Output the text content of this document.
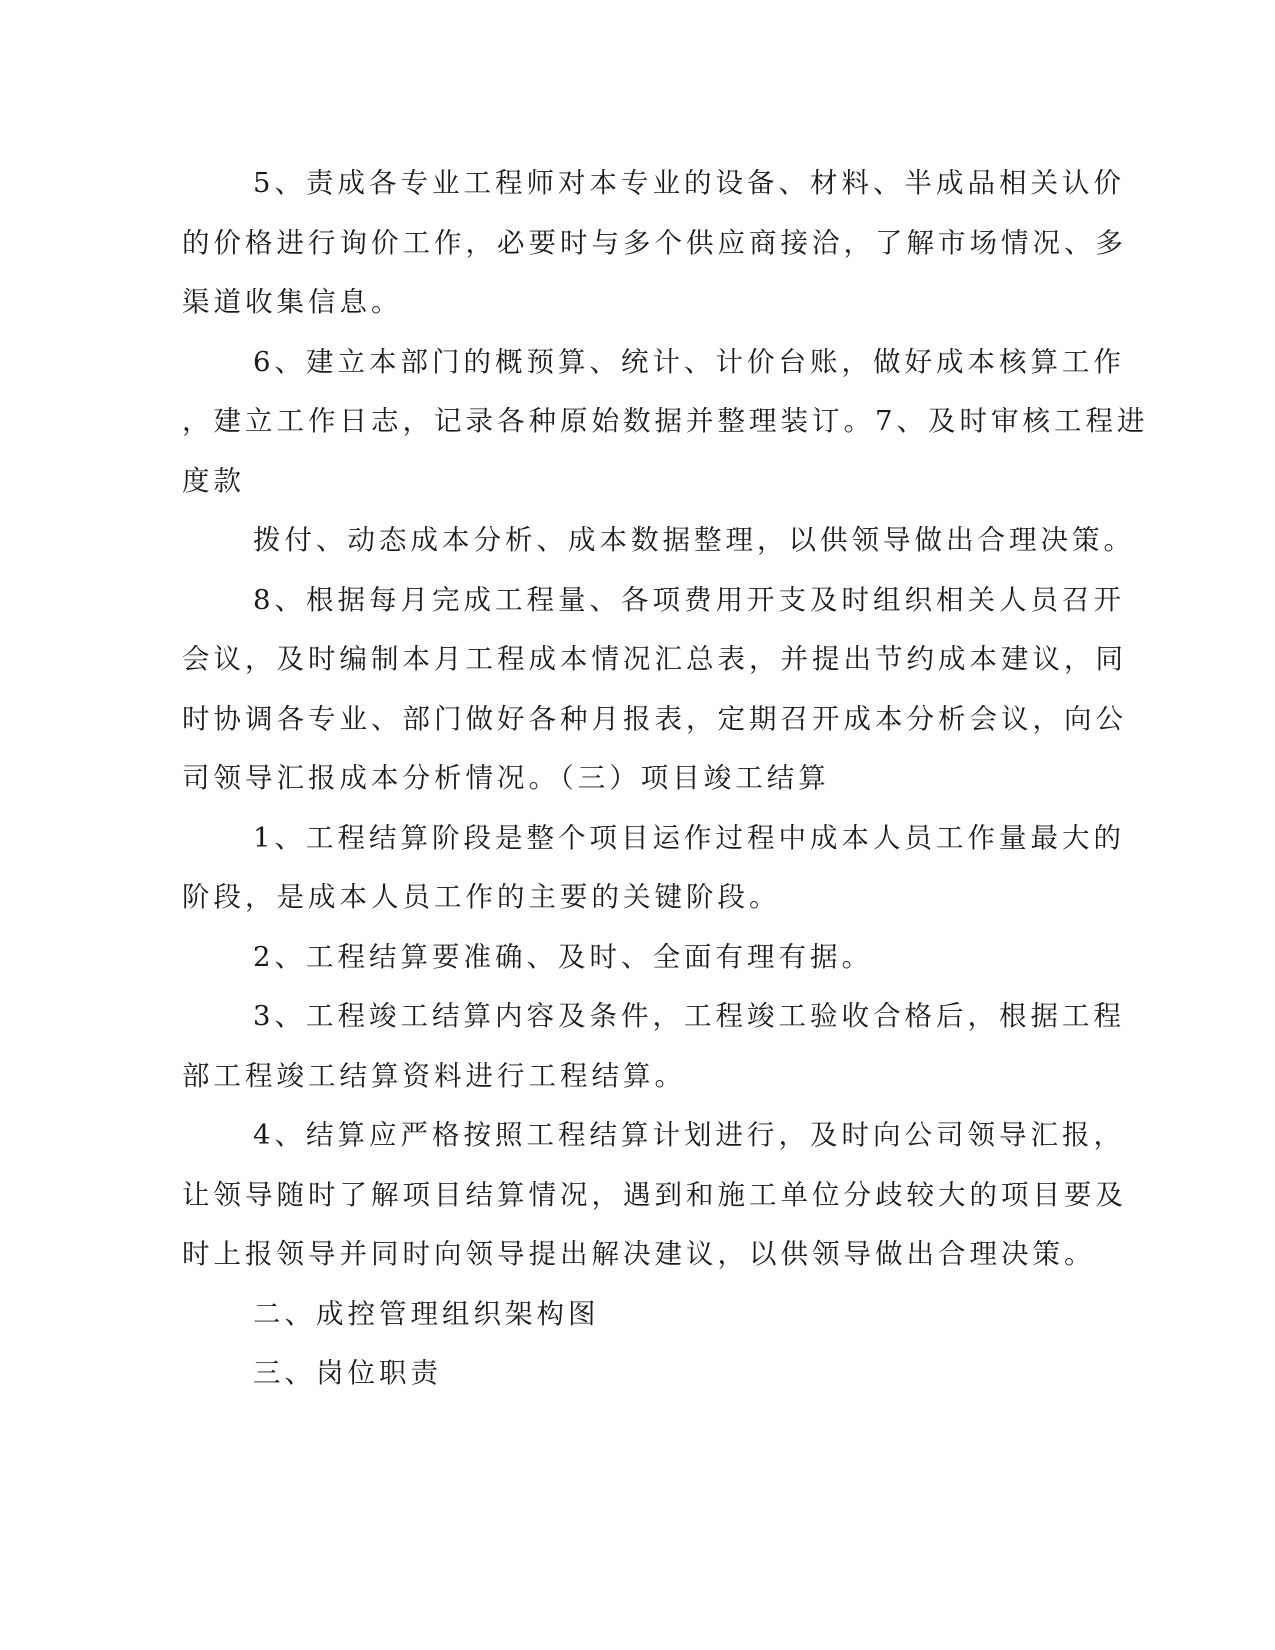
5、责成各专业工程师对本专业的设备、材料、半成品相关认价
的价格进行询价工作，必要时与多个供应商接洽，了解市场情况、多
渠道收集信息。
6、建立本部门的概预算、统计、计价台账，做好成本核算工作
，建立工作日志，记录各种原始数据并整理装订。7、及时审核工程进
度款
拨付、动态成本分析、成本数据整理，以供领导做出合理决策。
8、根据每月完成工程量、各项费用开支及时组织相关人员召开
会议，及时编制本月工程成本情况汇总表，并提出节约成本建议，同
时协调各专业、部门做好各种月报表，定期召开成本分析会议，向公
司领导汇报成本分析情况。（三）项目竣工结算
1、工程结算阶段是整个项目运作过程中成本人员工作量最大的
阶段，是成本人员工作的主要的关键阶段。
2、工程结算要准确、及时、全面有理有据。
3、工程竣工结算内容及条件，工程竣工验收合格后，根据工程
部工程竣工结算资料进行工程结算。
4、结算应严格按照工程结算计划进行，及时向公司领导汇报，
让领导随时了解项目结算情况，遇到和施工单位分歧较大的项目要及
时上报领导并同时向领导提出解决建议，以供领导做出合理决策。
二、成控管理组织架构图
三、岗位职责
